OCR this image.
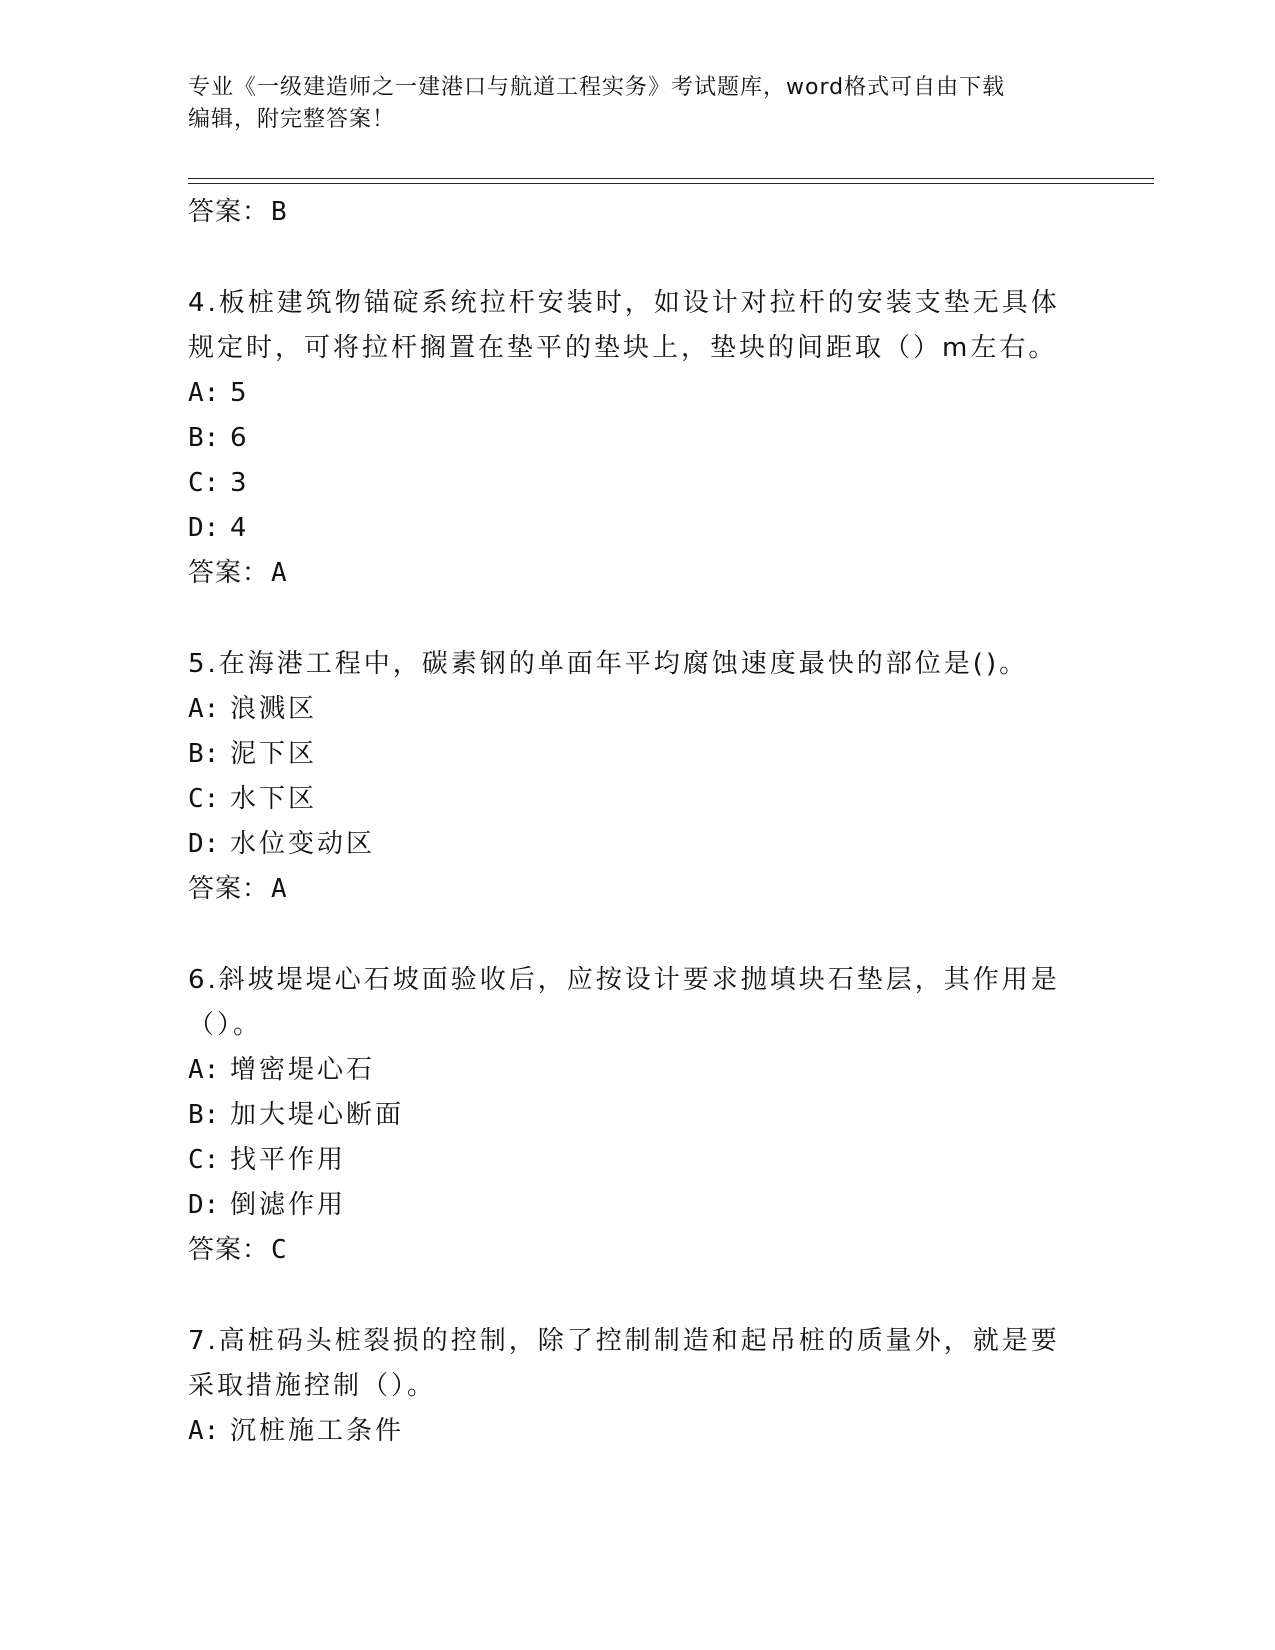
专业《一级建造师之一建港口与航道工程实务》考试题库，word格式可自由下载
编辑，附完整答案！
答案：B
4.板桩建筑物锚碇系统拉杆安装时，如设计对拉杆的安装支垫无具体
规定时，可将拉杆搁置在垫平的垫块上，垫块的间距取（）m左右。
A: 5
B: 6
C: 3
D: 4
答案：A
5.在海港工程中，碳素钢的单面年平均腐蚀速度最快的部位是()。
A: 浪溅区
B: 泥下区
C: 水下区
D: 水位变动区
答案：A
6.斜坡堤堤心石坡面验收后，应按设计要求抛填块石垫层，其作用是
（）。
A: 增密堤心石
B: 加大堤心断面
C: 找平作用
D: 倒滤作用
答案：C
7.高桩码头桩裂损的控制，除了控制制造和起吊桩的质量外，就是要
采取措施控制（）。
A: 沉桩施工条件
